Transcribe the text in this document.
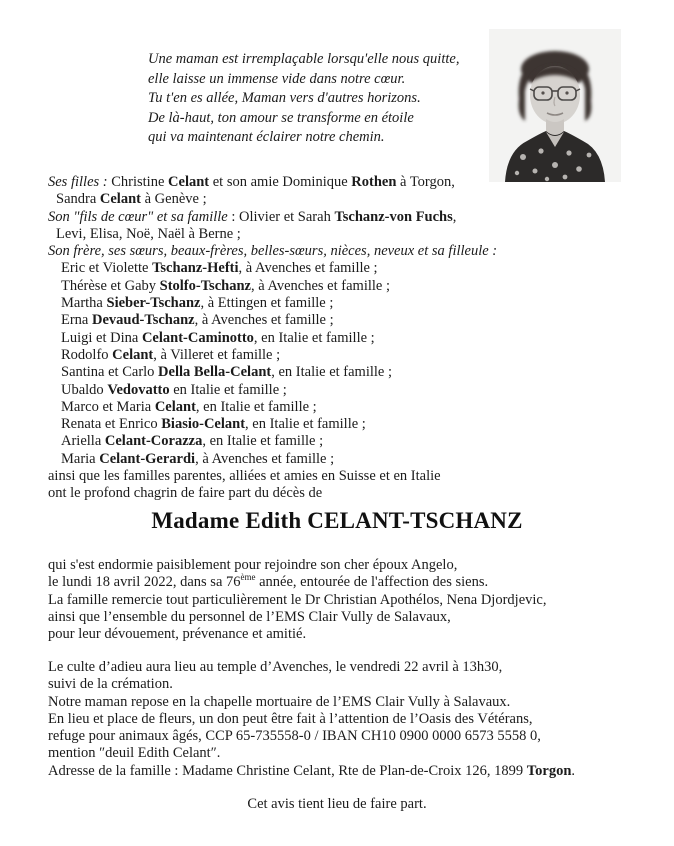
Une maman est irremplaçable lorsqu'elle nous quitte,
elle laisse un immense vide dans notre cœur.
Tu t'en es allée, Maman vers d'autres horizons.
De là-haut, ton amour se transforme en étoile
qui va maintenant éclairer notre chemin.
Ses filles : Christine Celant et son amie Dominique Rothen à Torgon,
Sandra Celant à Genève ;
Son "fils de cœur" et sa famille : Olivier et Sarah Tschanz-von Fuchs,
Levi, Elisa, Noë, Naël à Berne ;
Son frère, ses sœurs, beaux-frères, belles-sœurs, nièces, neveux et sa filleule :
Eric et Violette Tschanz-Hefti, à Avenches et famille ;
Thérèse et Gaby Stolfo-Tschanz, à Avenches et famille ;
Martha Sieber-Tschanz, à Ettingen et famille ;
Erna Devaud-Tschanz, à Avenches et famille ;
Luigi et Dina Celant-Caminotto, en Italie et famille ;
Rodolfo Celant, à Villeret et famille ;
Santina et Carlo Della Bella-Celant, en Italie et famille ;
Ubaldo Vedovatto en Italie et famille ;
Marco et Maria Celant, en Italie et famille ;
Renata et Enrico Biasio-Celant, en Italie et famille ;
Ariella Celant-Corazza, en Italie et famille ;
Maria Celant-Gerardi, à Avenches et famille ;
ainsi que les familles parentes, alliées et amies en Suisse et en Italie
ont le profond chagrin de faire part du décès de
Madame Edith CELANT-TSCHANZ
qui s'est endormie paisiblement pour rejoindre son cher époux Angelo,
le lundi 18 avril 2022, dans sa 76ème année, entourée de l'affection des siens.
La famille remercie tout particulièrement le Dr Christian Apothélos, Nena Djordjevic,
ainsi que l’ensemble du personnel de l’EMS Clair Vully de Salavaux,
pour leur dévouement, prévenance et amitié.
Le culte d’adieu aura lieu au temple d’Avenches, le vendredi 22 avril à 13h30,
suivi de la crémation.
Notre maman repose en la chapelle mortuaire de l’EMS Clair Vully à Salavaux.
En lieu et place de fleurs, un don peut être fait à l’attention de l’Oasis des Vétérans,
refuge pour animaux âgés, CCP 65-735558-0 / IBAN CH10 0900 0000 6573 5558 0,
mention ″deuil Edith Celant″.
Adresse de la famille : Madame Christine Celant, Rte de Plan-de-Croix 126, 1899 Torgon.
Cet avis tient lieu de faire part.
